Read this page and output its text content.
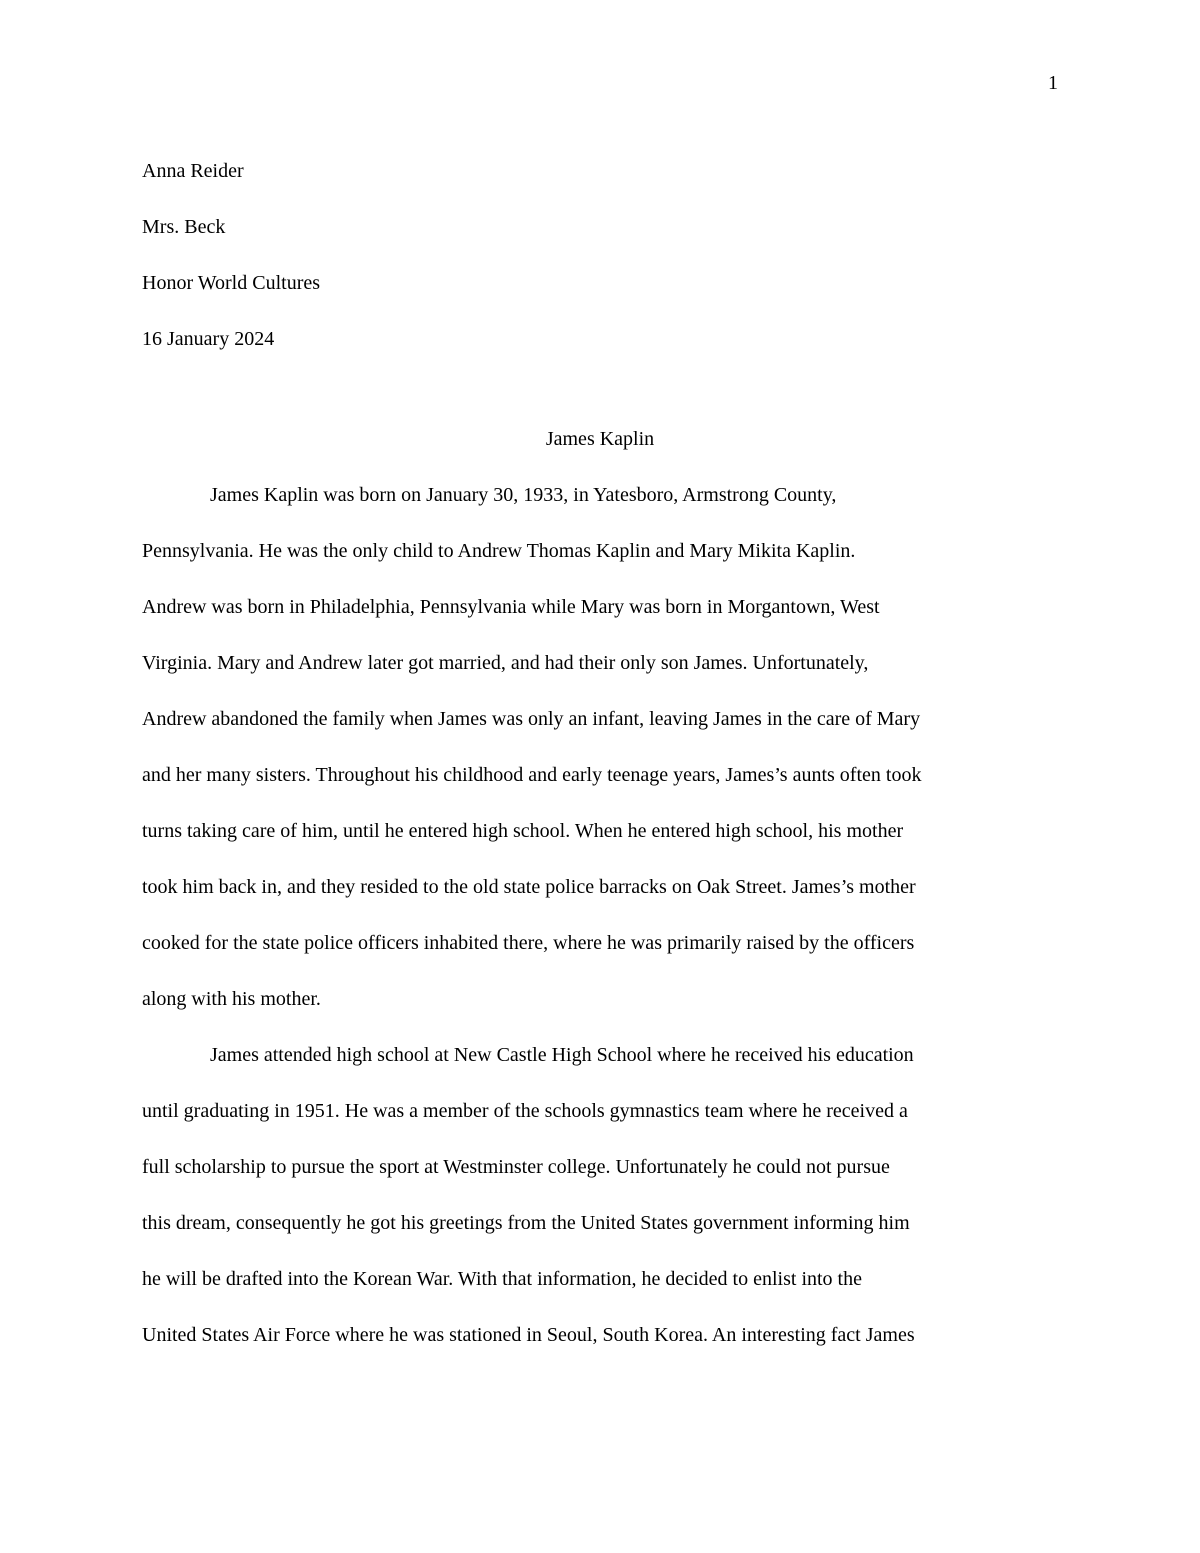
1
Anna Reider
Mrs. Beck
Honor World Cultures
16 January 2024
James Kaplin
James Kaplin was born on January 30, 1933, in Yatesboro, Armstrong County,
Pennsylvania. He was the only child to Andrew Thomas Kaplin and Mary Mikita Kaplin.
Andrew was born in Philadelphia, Pennsylvania while Mary was born in Morgantown, West
Virginia. Mary and Andrew later got married, and had their only son James. Unfortunately,
Andrew abandoned the family when James was only an infant, leaving James in the care of Mary
and her many sisters. Throughout his childhood and early teenage years, James’s aunts often took
turns taking care of him, until he entered high school. When he entered high school, his mother
took him back in, and they resided to the old state police barracks on Oak Street. James’s mother
cooked for the state police officers inhabited there, where he was primarily raised by the officers
along with his mother.
James attended high school at New Castle High School where he received his education
until graduating in 1951. He was a member of the schools gymnastics team where he received a
full scholarship to pursue the sport at Westminster college. Unfortunately he could not pursue
this dream, consequently he got his greetings from the United States government informing him
he will be drafted into the Korean War. With that information, he decided to enlist into the
United States Air Force where he was stationed in Seoul, South Korea. An interesting fact James
